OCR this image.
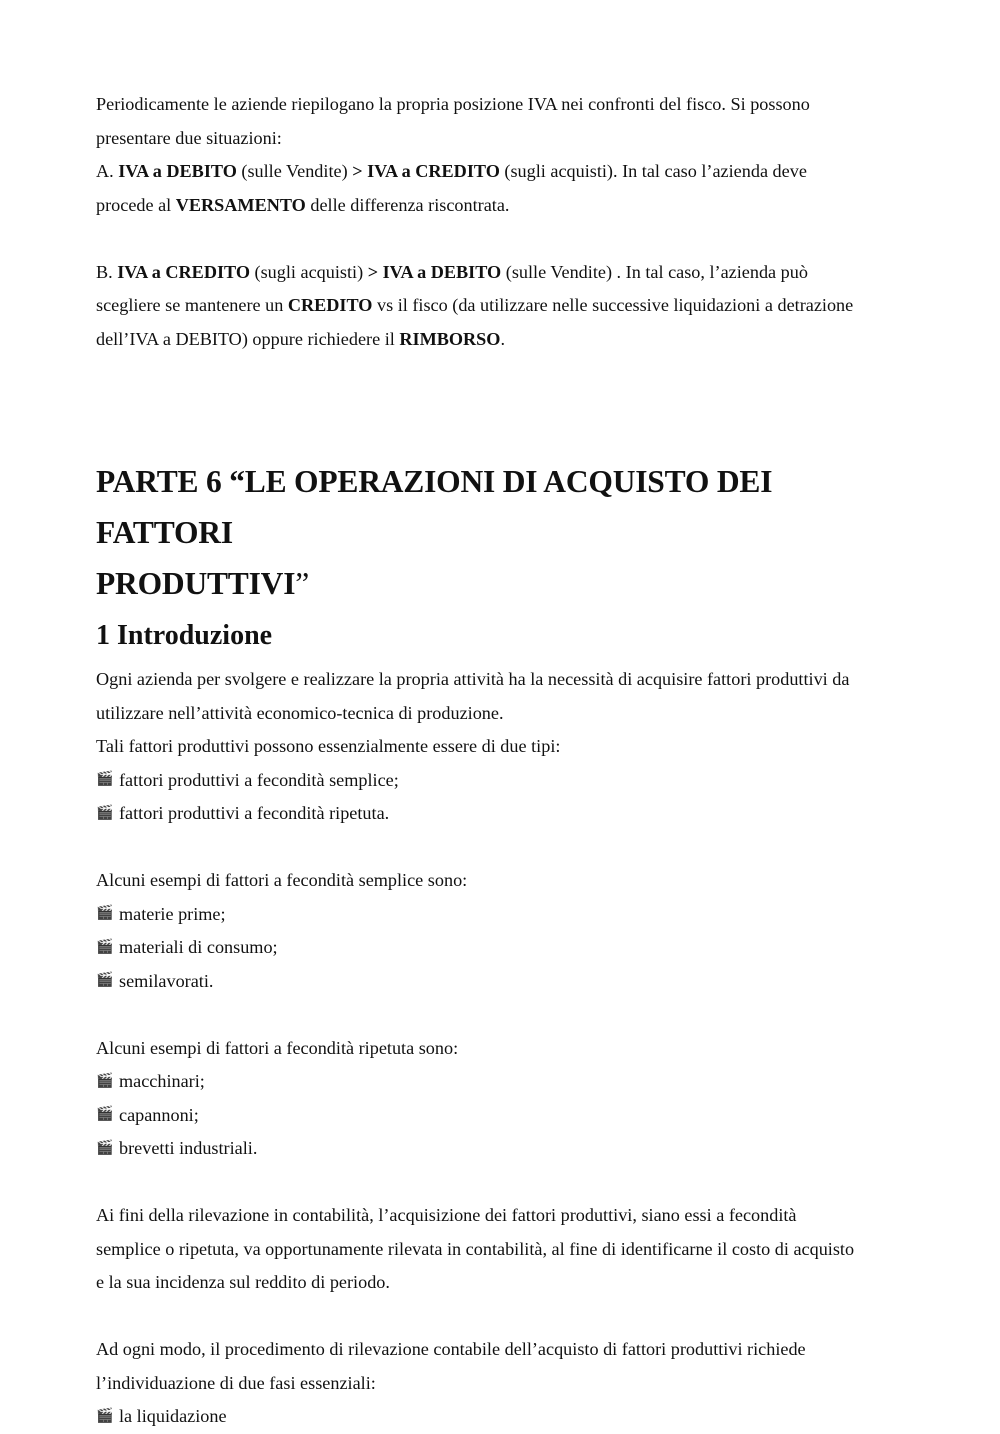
Periodicamente le aziende riepilogano la propria posizione IVA nei confronti del fisco. Si possono

presentare due situazioni:

A. IVA a DEBITO (sulle Vendite) > IVA a CREDITO (sugli acquisti). In tal caso l’azienda deve

procede al VERSAMENTO delle differenza riscontrata.

B. IVA a CREDITO (sugli acquisti) > IVA a DEBITO (sulle Vendite) . In tal caso, l’azienda può

scegliere se mantenere un CREDITO vs il fisco (da utilizzare nelle successive liquidazioni a detrazione

dell’IVA a DEBITO) oppure richiedere il RIMBORSO.

PARTE 6 “LE OPERAZIONI DI ACQUISTO DEI FATTORI
PRODUTTIVI”
1 Introduzione

Ogni azienda per svolgere e realizzare la propria attività ha la necessità di acquisire fattori produttivi da

utilizzare nell’attività economico-tecnica di produzione.

Tali fattori produttivi possono essenzialmente essere di due tipi:

🎬 fattori produttivi a fecondità semplice;
🎬 fattori produttivi a fecondità ripetuta.

Alcuni esempi di fattori a fecondità semplice sono:

🎬 materie prime;
🎬 materiali di consumo;
🎬 semilavorati.

Alcuni esempi di fattori a fecondità ripetuta sono:

🎬 macchinari;
🎬 capannoni;
🎬 brevetti industriali.

Ai fini della rilevazione in contabilità, l’acquisizione dei fattori produttivi, siano essi a fecondità

semplice o ripetuta, va opportunamente rilevata in contabilità, al fine di identificarne il costo di acquisto

e la sua incidenza sul reddito di periodo.

Ad ogni modo, il procedimento di rilevazione contabile dell’acquisto di fattori produttivi richiede

l’individuazione di due fasi essenziali:

🎬 la liquidazione
